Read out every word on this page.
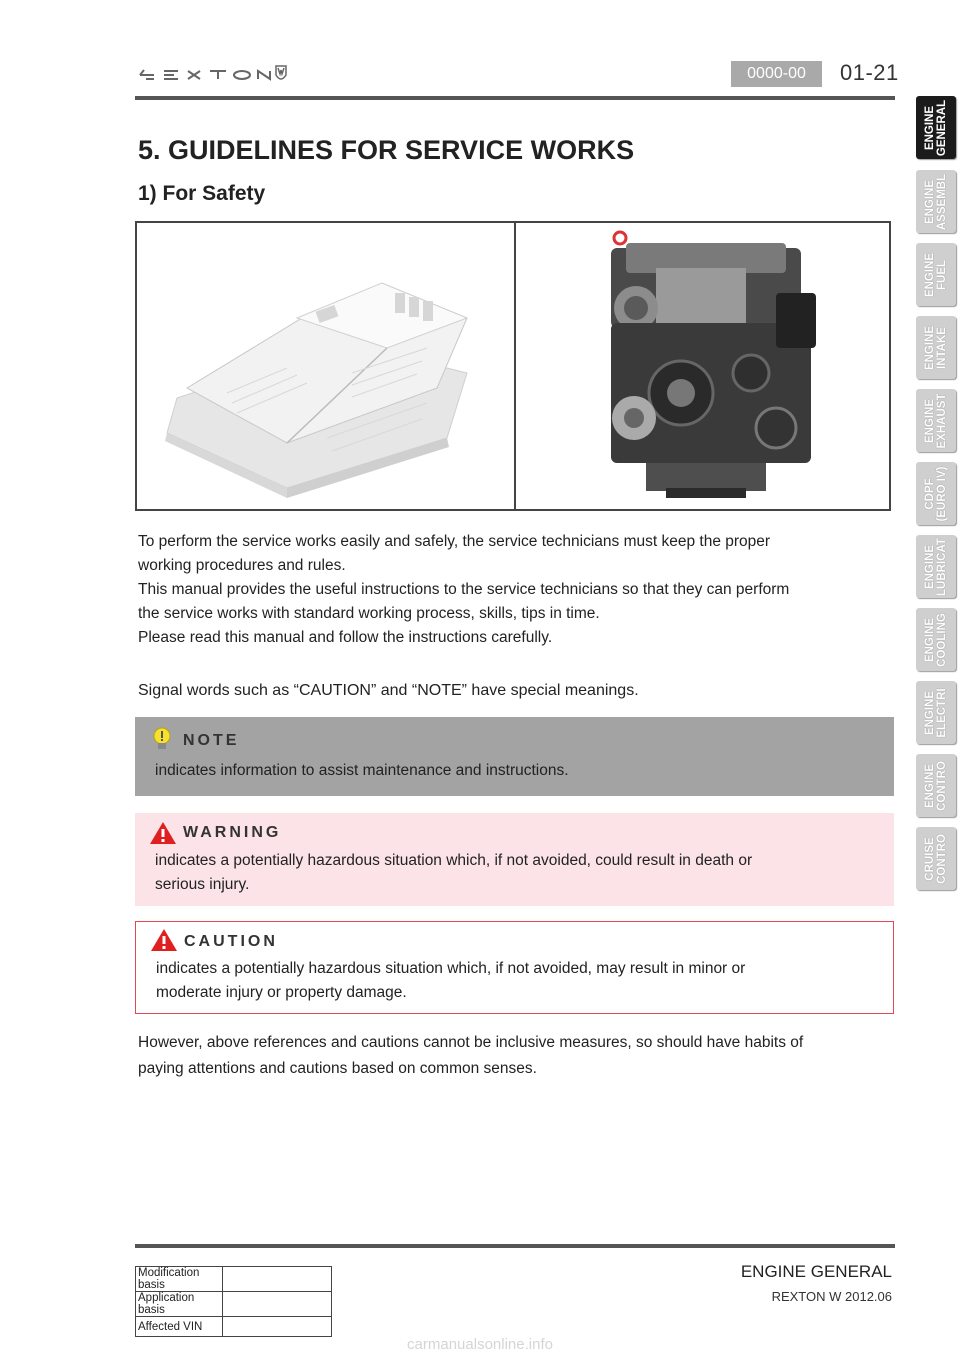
0000-00	01-21
5. GUIDELINES FOR SERVICE WORKS
1) For Safety
To perform the service works easily and safely, the service technicians must keep the proper
working procedures and rules.
This manual provides the useful instructions to the service technicians so that they can perform
the service works with standard working process, skills, tips in time.
Please read this manual and follow the instructions carefully.
Signal words such as “CAUTION” and “NOTE” have special meanings.
NOTE
indicates information to assist maintenance and instructions.
WARNING
indicates a potentially hazardous situation which, if not avoided, could result in death or
serious injury.
CAUTION
indicates a potentially hazardous situation which, if not avoided, may result in minor or
moderate injury or property damage.
However, above references and cautions cannot be inclusive measures, so should have habits of
paying attentions and cautions based on common senses.
Modification basis	
Application basis	
Affected VIN	
ENGINE GENERAL
REXTON W 2012.06
carmanualsonline.info
ENGINE GENERAL
ENGINE ASSEMBL
ENGINE FUEL
ENGINE INTAKE
ENGINE EXHAUST
CDPF (EURO IV)
ENGINE LUBRICAT
ENGINE COOLING
ENGINE ELECTRI
ENGINE CONTRO
CRUISE CONTRO
